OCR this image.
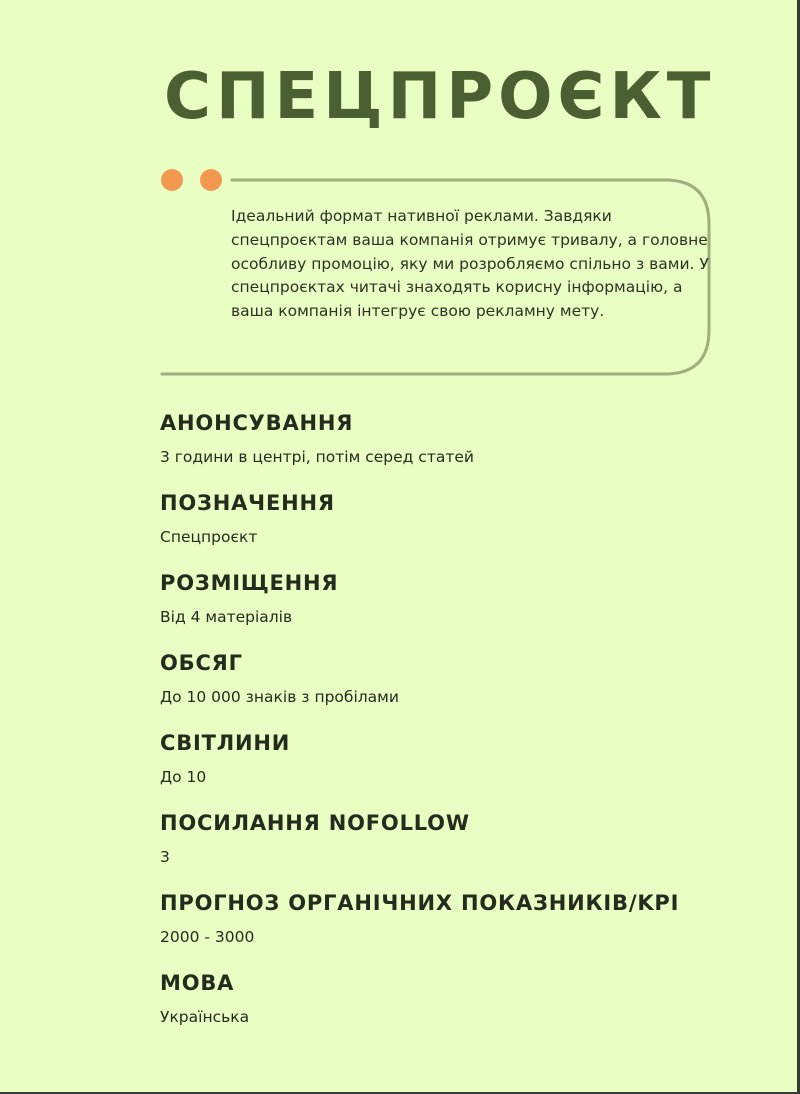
СПЕЦПРОЄКТ

Ідеальний формат нативної реклами. Завдяки спецпроєктам ваша компанія отримує тривалу, а головне особливу промоцію, яку ми розробляємо спільно з вами. У спецпроєктах читачі знаходять корисну інформацію, а ваша компанія інтегрує свою рекламну мету.

АНОНСУВАННЯ

3 години в центрі, потім серед статей

ПОЗНАЧЕННЯ

Спецпроєкт

РОЗМІЩЕННЯ

Від 4 матеріалів

ОБСЯГ

До 10 000 знаків з пробілами

СВІТЛИНИ

До 10

ПОСИЛАННЯ NOFOLLOW

3

ПРОГНОЗ ОРГАНІЧНИХ ПОКАЗНИКІВ/KPI

2000 - 3000

МОВА

Українська
